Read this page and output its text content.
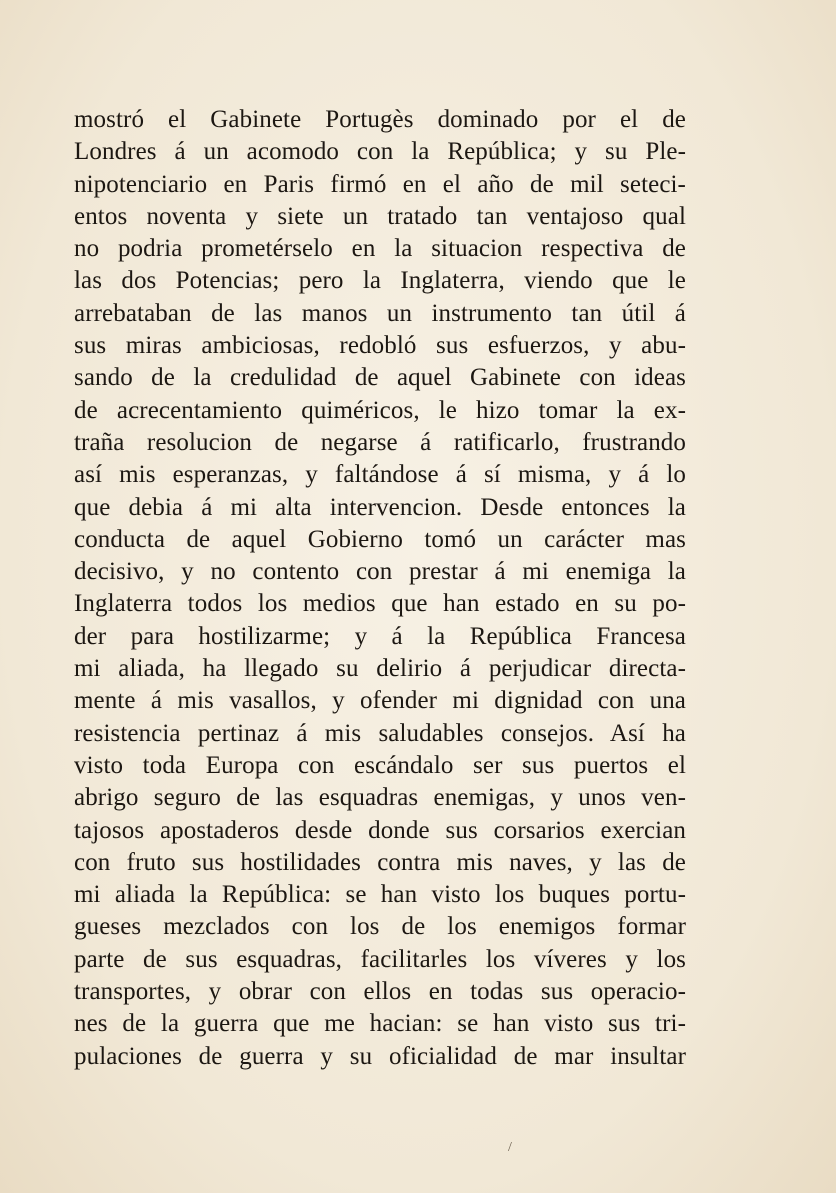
mostró el Gabinete Portugès dominado por el de
Londres á un acomodo con la República; y su Ple-
nipotenciario en Paris firmó en el año de mil seteci-
entos noventa y siete un tratado tan ventajoso qual
no podria prometérselo en la situacion respectiva de
las dos Potencias; pero la Inglaterra, viendo que le
arrebataban de las manos un instrumento tan útil á
sus miras ambiciosas, redobló sus esfuerzos, y abu-
sando de la credulidad de aquel Gabinete con ideas
de acrecentamiento quiméricos, le hizo tomar la ex-
traña resolucion de negarse á ratificarlo, frustrando
así mis esperanzas, y faltándose á sí misma, y á lo
que debia á mi alta intervencion. Desde entonces la
conducta de aquel Gobierno tomó un carácter mas
decisivo, y no contento con prestar á mi enemiga la
Inglaterra todos los medios que han estado en su po-
der para hostilizarme; y á la República Francesa
mi aliada, ha llegado su delirio á perjudicar directa-
mente á mis vasallos, y ofender mi dignidad con una
resistencia pertinaz á mis saludables consejos. Así ha
visto toda Europa con escándalo ser sus puertos el
abrigo seguro de las esquadras enemigas, y unos ven-
tajosos apostaderos desde donde sus corsarios exercian
con fruto sus hostilidades contra mis naves, y las de
mi aliada la República: se han visto los buques portu-
gueses mezclados con los de los enemigos formar
parte de sus esquadras, facilitarles los víveres y los
transportes, y obrar con ellos en todas sus operacio-
nes de la guerra que me hacian: se han visto sus tri-
pulaciones de guerra y su oficialidad de mar insultar
/
